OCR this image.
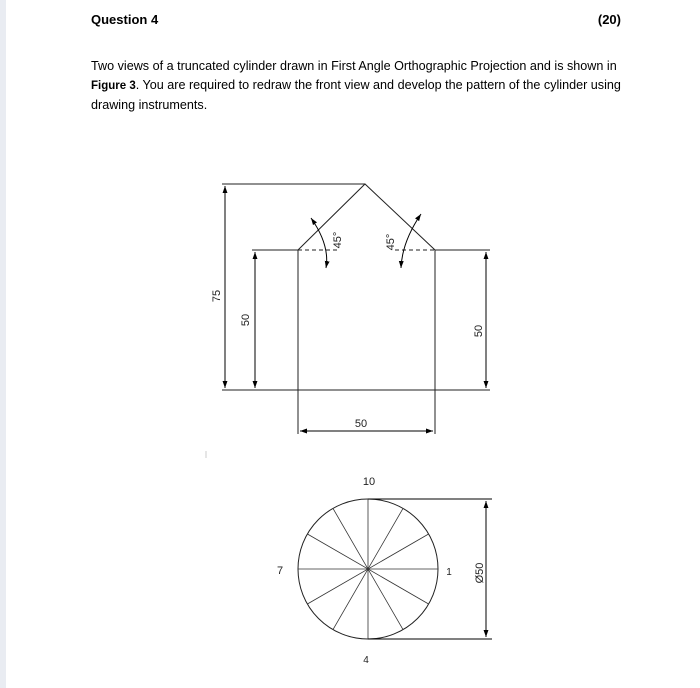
Question 4	(20)
Two views of a truncated cylinder drawn in First Angle Orthographic Projection and is shown in Figure 3. You are required to redraw the front view and develop the pattern of the cylinder using drawing instruments.
75
50
50
50
45°	45°
Ø50
10
7	1
4
